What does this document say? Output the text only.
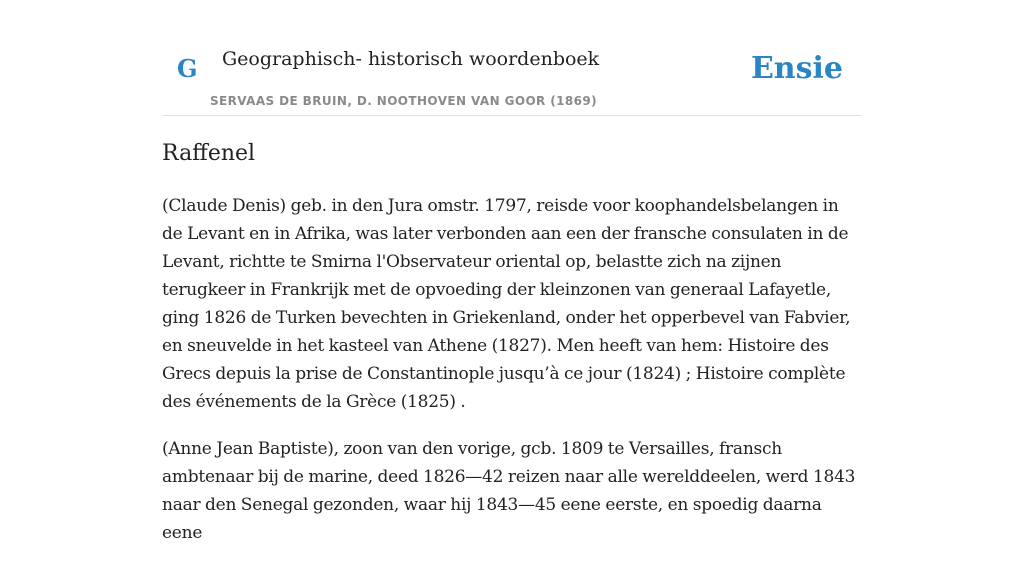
G Geographisch- historisch woordenboek
SERVAAS DE BRUIN, D. NOOTHOVEN VAN GOOR (1869)
Ensie
Raffenel

(Claude Denis) geb. in den Jura omstr. 1797, reisde voor koophandelsbelangen in de Levant en in Afrika, was later verbonden aan een der fransche consulaten in de Levant, richtte te Smirna l'Observateur oriental op, belastte zich na zijnen terugkeer in Frankrijk met de opvoeding der kleinzonen van generaal Lafayetle, ging 1826 de Turken bevechten in Griekenland, onder het opperbevel van Fabvier, en sneuvelde in het kasteel van Athene (1827). Men heeft van hem: Histoire des Grecs depuis la prise de Constantinople jusqu’à ce jour (1824) ; Histoire complète des événements de la Grèce (1825) .

(Anne Jean Baptiste), zoon van den vorige, gcb. 1809 te Versailles, fransch ambtenaar bij de marine, deed 1826—42 reizen naar alle werelddeelen, werd 1843 naar den Senegal gezonden, waar hij 1843—45 eene eerste, en spoedig daarna eene
